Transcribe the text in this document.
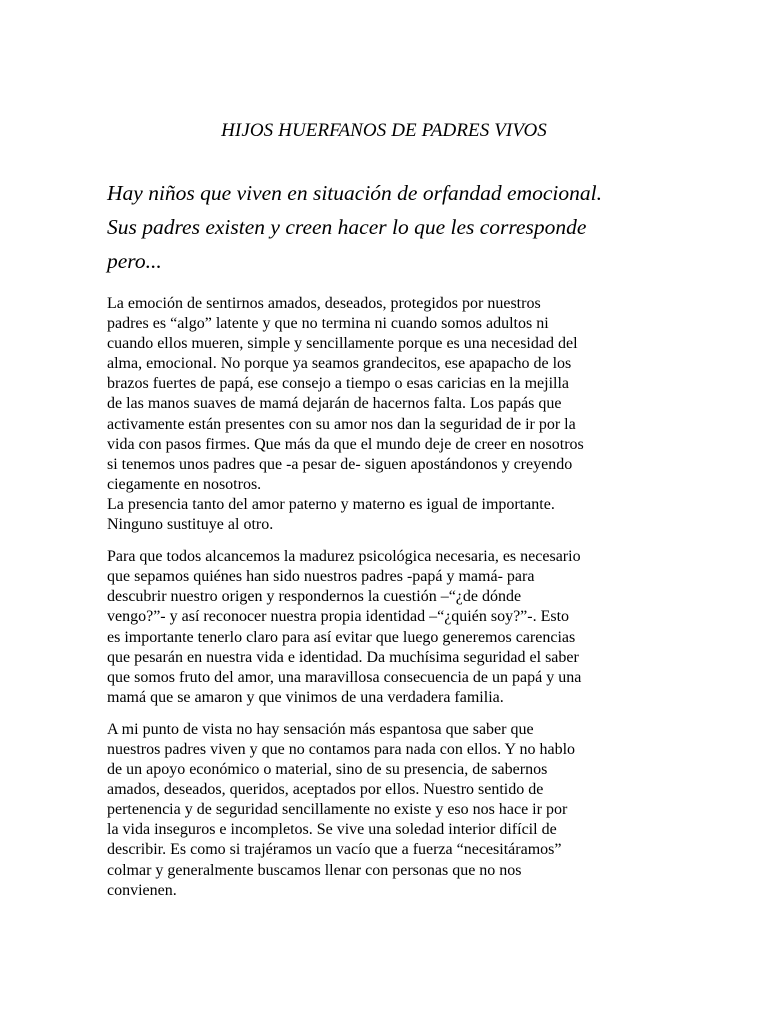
HIJOS HUERFANOS DE PADRES VIVOS
Hay niños que viven en situación de orfandad emocional.
Sus padres existen y creen hacer lo que les corresponde
pero...

La emoción de sentirnos amados, deseados, protegidos por nuestros
padres es “algo” latente y que no termina ni cuando somos adultos ni
cuando ellos mueren, simple y sencillamente porque es una necesidad del
alma, emocional. No porque ya seamos grandecitos, ese apapacho de los
brazos fuertes de papá, ese consejo a tiempo o esas caricias en la mejilla
de las manos suaves de mamá dejarán de hacernos falta. Los papás que
activamente están presentes con su amor nos dan la seguridad de ir por la
vida con pasos firmes. Que más da que el mundo deje de creer en nosotros
si tenemos unos padres que -a pesar de- siguen apostándonos y creyendo
ciegamente en nosotros.
La presencia tanto del amor paterno y materno es igual de importante.
Ninguno sustituye al otro.

Para que todos alcancemos la madurez psicológica necesaria, es necesario
que sepamos quiénes han sido nuestros padres -papá y mamá- para
descubrir nuestro origen y respondernos la cuestión –“¿de dónde
vengo?”- y así reconocer nuestra propia identidad –“¿quién soy?”-. Esto
es importante tenerlo claro para así evitar que luego generemos carencias
que pesarán en nuestra vida e identidad. Da muchísima seguridad el saber
que somos fruto del amor, una maravillosa consecuencia de un papá y una
mamá que se amaron y que vinimos de una verdadera familia.

A mi punto de vista no hay sensación más espantosa que saber que
nuestros padres viven y que no contamos para nada con ellos. Y no hablo
de un apoyo económico o material, sino de su presencia, de sabernos
amados, deseados, queridos, aceptados por ellos. Nuestro sentido de
pertenencia y de seguridad sencillamente no existe y eso nos hace ir por
la vida inseguros e incompletos. Se vive una soledad interior difícil de
describir. Es como si trajéramos un vacío que a fuerza “necesitáramos”
colmar y generalmente buscamos llenar con personas que no nos
convienen.
